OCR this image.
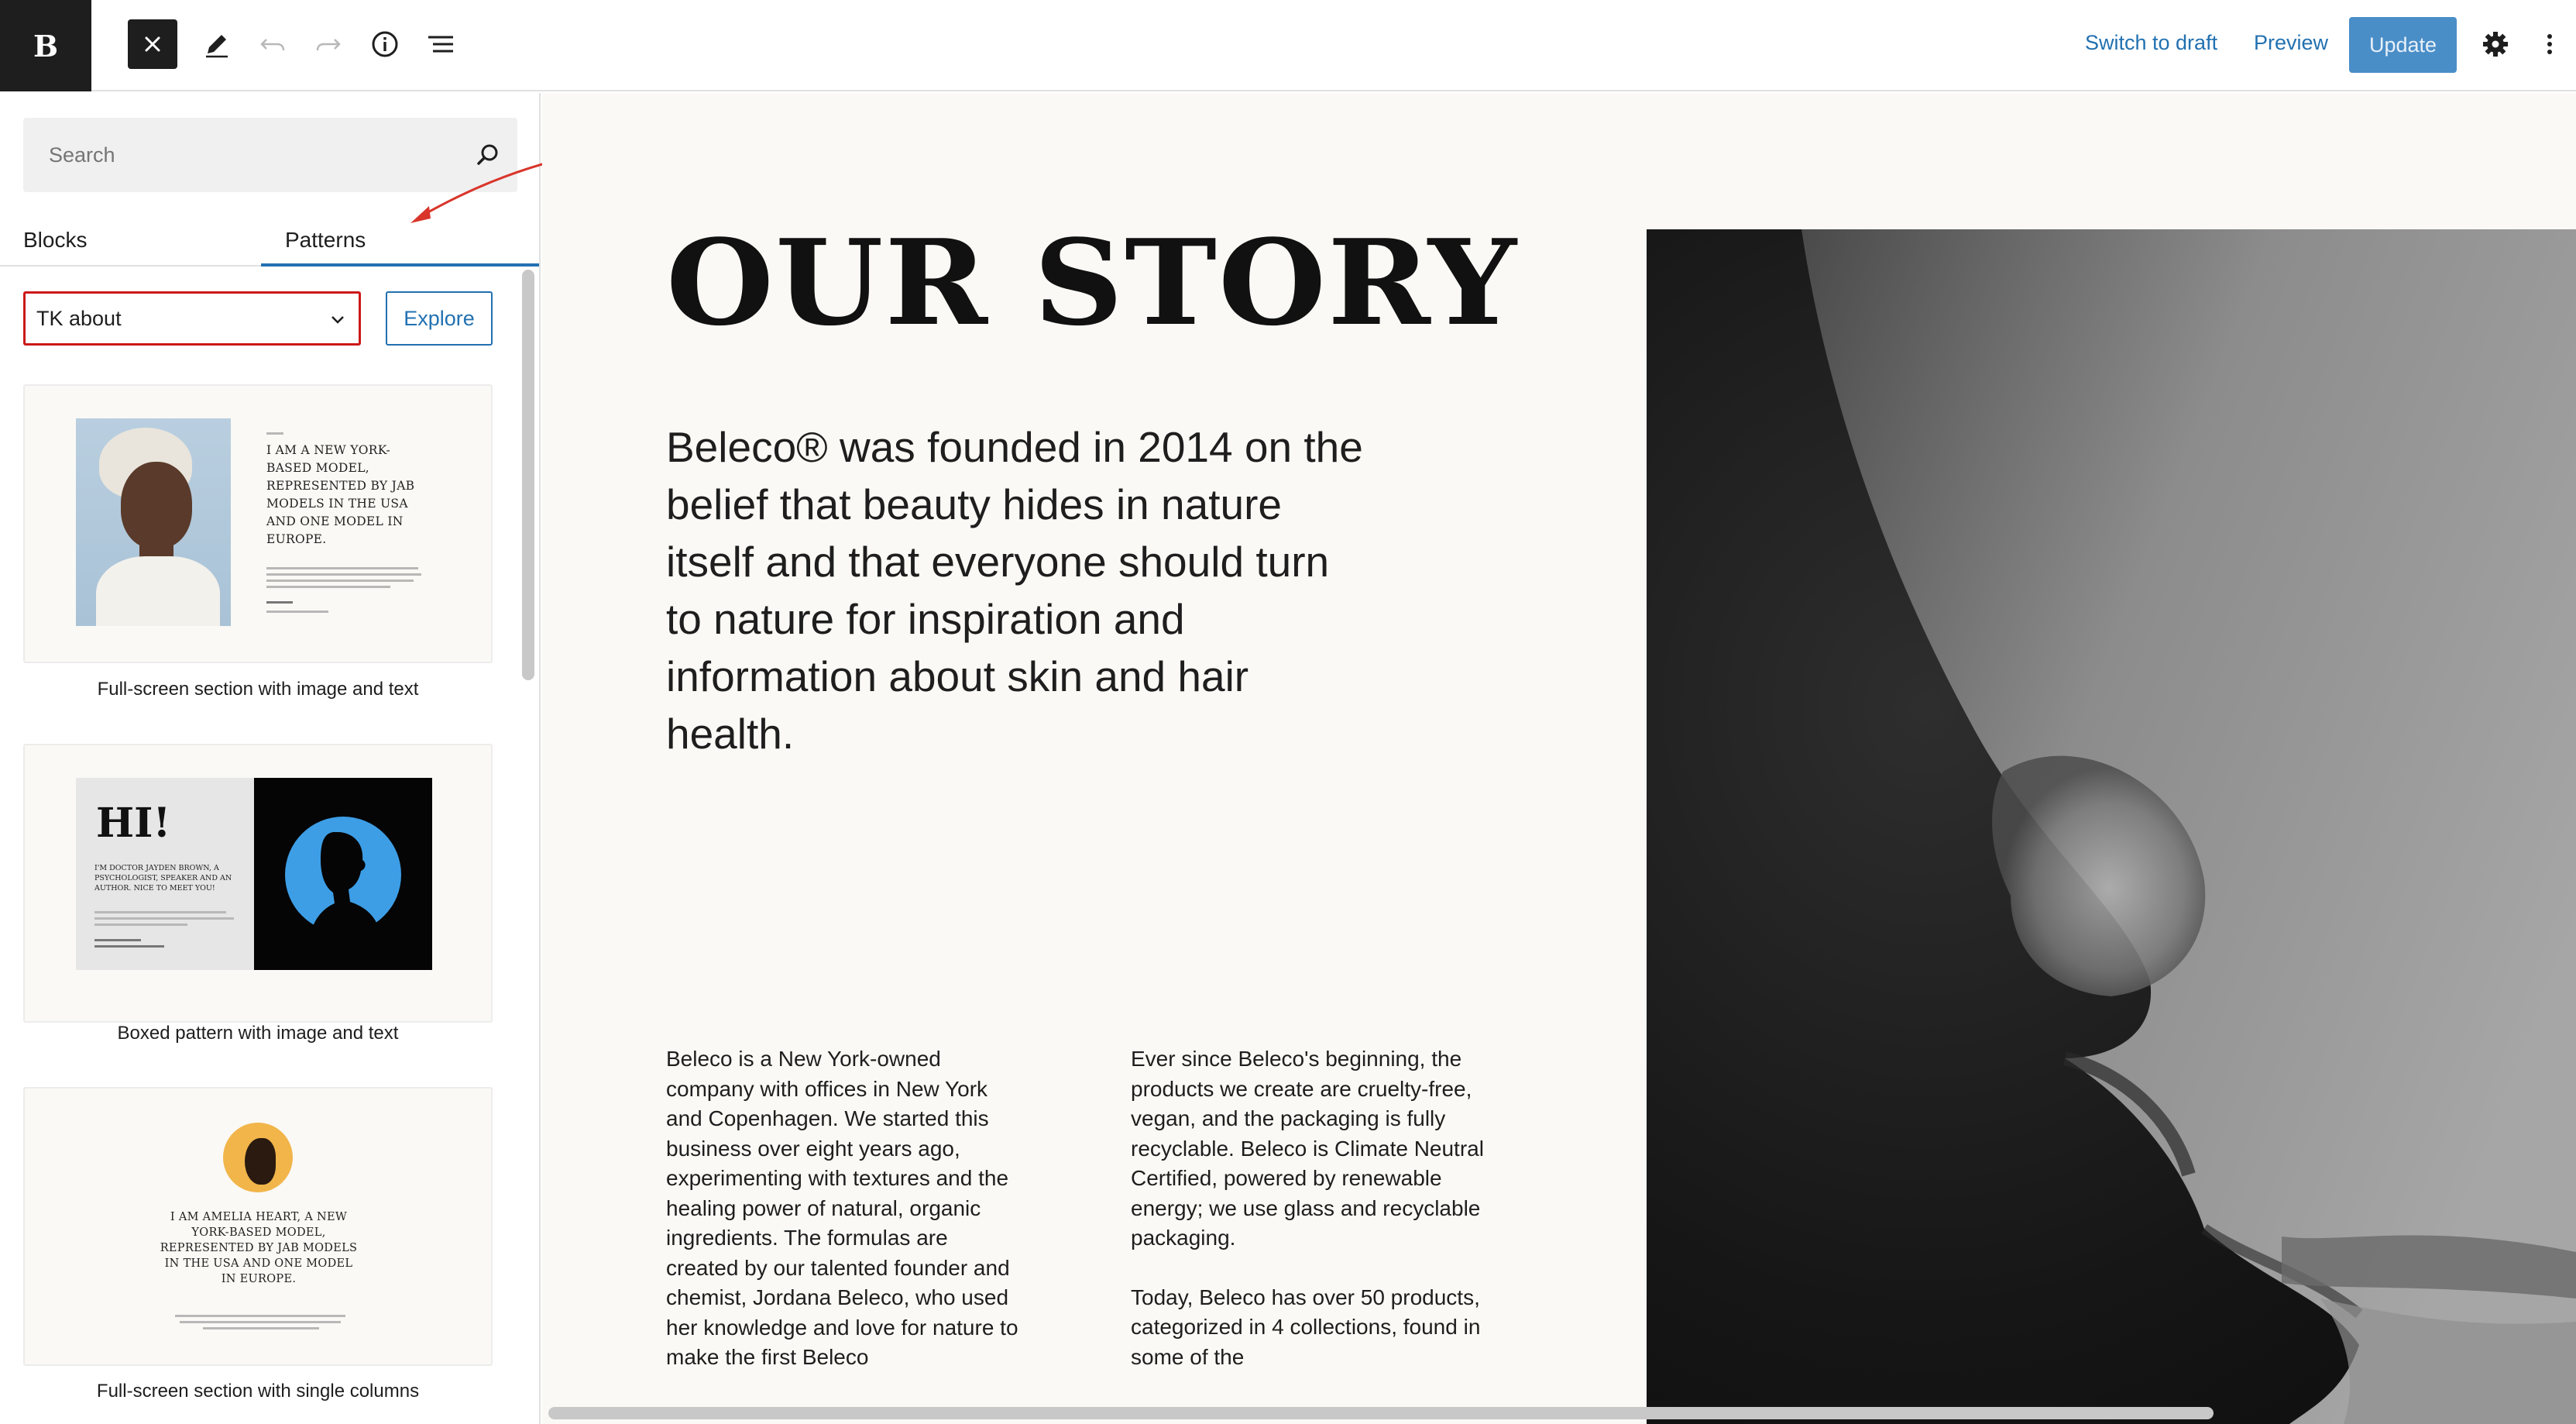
B	Switch to draft Preview	Update
Search
Blocks	Patterns
TK about	Explore
I AM A NEW YORK-BASED MODEL, REPRESENTED BY JAB MODELS IN THE USA AND ONE MODEL IN EUROPE.
Full-screen section with image and text
HI!
I'M DOCTOR JAYDEN BROWN, A PSYCHOLOGIST, SPEAKER AND AN AUTHOR. NICE TO MEET YOU!
Boxed pattern with image and text
I AM AMELIA HEART, A NEW YORK-BASED MODEL, REPRESENTED BY JAB MODELS IN THE USA AND ONE MODEL IN EUROPE.
Full-screen section with single columns
OUR STORY

Beleco® was founded in 2014 on the belief that beauty hides in nature itself and that everyone should turn to nature for inspiration and information about skin and hair health.

Beleco is a New York-owned company with offices in New York and Copenhagen. We started this business over eight years ago, experimenting with textures and the healing power of natural, organic ingredients. The formulas are created by our talented founder and chemist, Jordana Beleco, who used her knowledge and love for nature to make the first Beleco

Ever since Beleco's beginning, the products we create are cruelty-free, vegan, and the packaging is fully recyclable. Beleco is Climate Neutral Certified, powered by renewable energy; we use glass and recyclable packaging.

Today, Beleco has over 50 products, categorized in 4 collections, found in some of the
